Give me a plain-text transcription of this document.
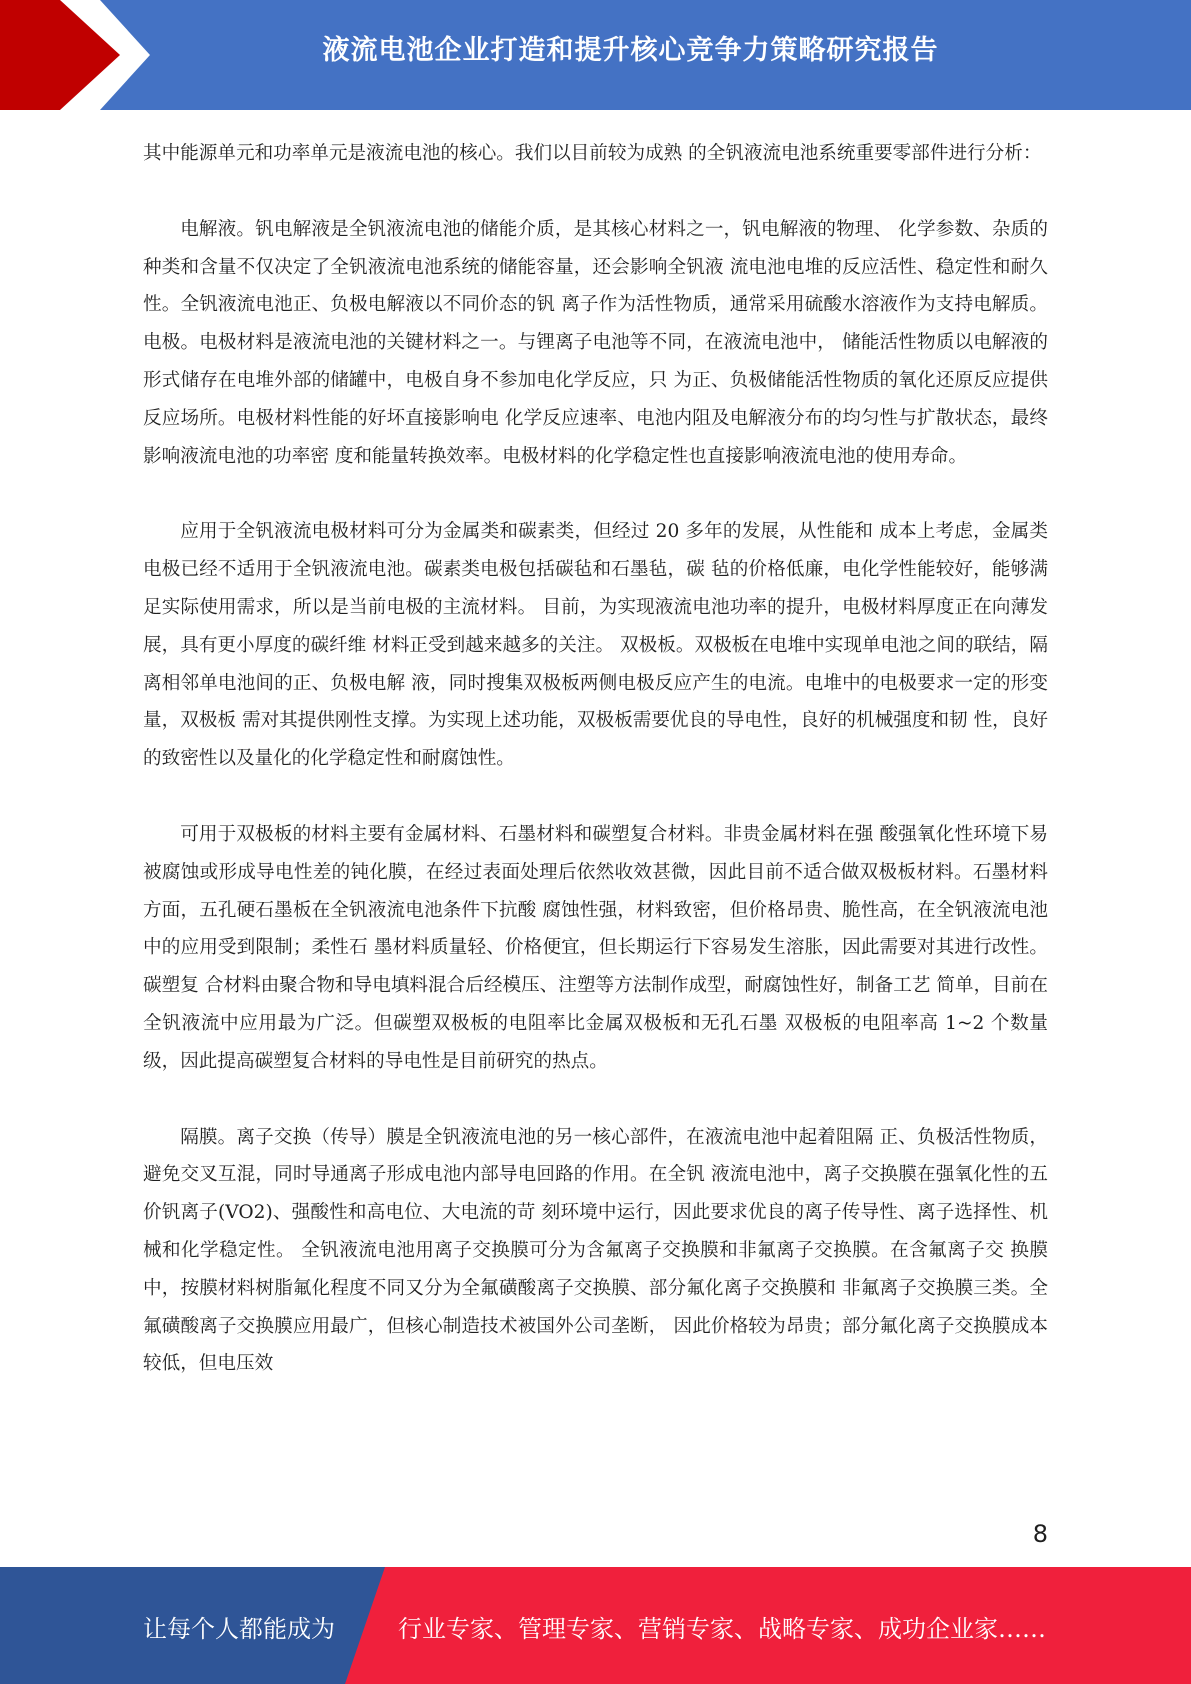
液流电池企业打造和提升核心竞争力策略研究报告

其中能源单元和功率单元是液流电池的核心。我们以目前较为成熟 的全钒液流电池系统重要零部件进行分析：

电解液。钒电解液是全钒液流电池的储能介质，是其核心材料之一，钒电解液的物理、 化学参数、杂质的种类和含量不仅决定了全钒液流电池系统的储能容量，还会影响全钒液 流电池电堆的反应活性、稳定性和耐久性。全钒液流电池正、负极电解液以不同价态的钒 离子作为活性物质，通常采用硫酸水溶液作为支持电解质。 电极。电极材料是液流电池的关键材料之一。与锂离子电池等不同，在液流电池中， 储能活性物质以电解液的形式储存在电堆外部的储罐中，电极自身不参加电化学反应，只 为正、负极储能活性物质的氧化还原反应提供反应场所。电极材料性能的好坏直接影响电 化学反应速率、电池内阻及电解液分布的均匀性与扩散状态，最终影响液流电池的功率密 度和能量转换效率。电极材料的化学稳定性也直接影响液流电池的使用寿命。

应用于全钒液流电极材料可分为金属类和碳素类，但经过 20 多年的发展，从性能和 成本上考虑，金属类电极已经不适用于全钒液流电池。碳素类电极包括碳毡和石墨毡，碳 毡的价格低廉，电化学性能较好，能够满足实际使用需求，所以是当前电极的主流材料。 目前，为实现液流电池功率的提升，电极材料厚度正在向薄发展，具有更小厚度的碳纤维 材料正受到越来越多的关注。 双极板。双极板在电堆中实现单电池之间的联结，隔离相邻单电池间的正、负极电解 液，同时搜集双极板两侧电极反应产生的电流。电堆中的电极要求一定的形变量，双极板 需对其提供刚性支撑。为实现上述功能，双极板需要优良的导电性，良好的机械强度和韧 性，良好的致密性以及量化的化学稳定性和耐腐蚀性。

可用于双极板的材料主要有金属材料、石墨材料和碳塑复合材料。非贵金属材料在强 酸强氧化性环境下易被腐蚀或形成导电性差的钝化膜，在经过表面处理后依然收效甚微，因此目前不适合做双极板材料。石墨材料方面，五孔硬石墨板在全钒液流电池条件下抗酸 腐蚀性强，材料致密，但价格昂贵、脆性高，在全钒液流电池中的应用受到限制；柔性石 墨材料质量轻、价格便宜，但长期运行下容易发生溶胀，因此需要对其进行改性。碳塑复 合材料由聚合物和导电填料混合后经模压、注塑等方法制作成型，耐腐蚀性好，制备工艺 简单，目前在全钒液流中应用最为广泛。但碳塑双极板的电阻率比金属双极板和无孔石墨 双极板的电阻率高 1~2 个数量级，因此提高碳塑复合材料的导电性是目前研究的热点。

隔膜。离子交换（传导）膜是全钒液流电池的另一核心部件，在液流电池中起着阻隔 正、负极活性物质，避免交叉互混，同时导通离子形成电池内部导电回路的作用。在全钒 液流电池中，离子交换膜在强氧化性的五价钒离子(VO2)、强酸性和高电位、大电流的苛 刻环境中运行，因此要求优良的离子传导性、离子选择性、机械和化学稳定性。 全钒液流电池用离子交换膜可分为含氟离子交换膜和非氟离子交换膜。在含氟离子交 换膜中，按膜材料树脂氟化程度不同又分为全氟磺酸离子交换膜、部分氟化离子交换膜和 非氟离子交换膜三类。全氟磺酸离子交换膜应用最广，但核心制造技术被国外公司垄断， 因此价格较为昂贵；部分氟化离子交换膜成本较低，但电压效

8
让每个人都能成为	行业专家、管理专家、营销专家、战略专家、成功企业家……
